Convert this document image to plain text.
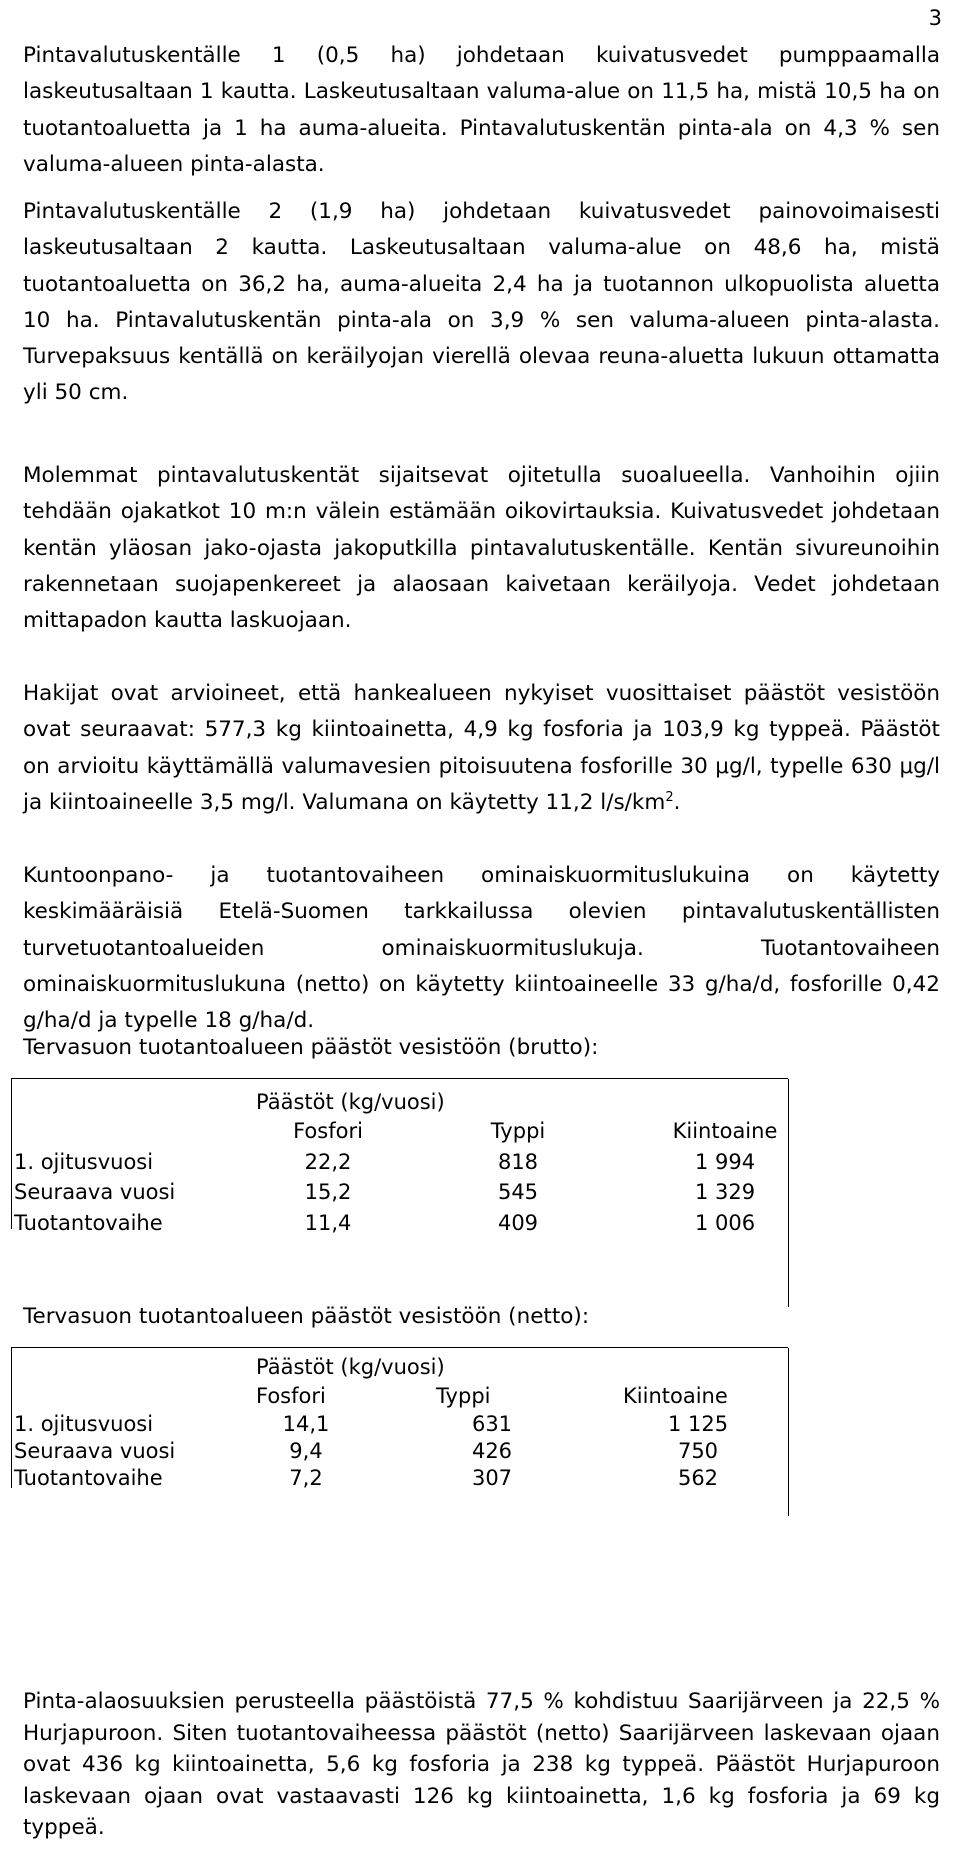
3

Pintavalutuskentälle 1 (0,5 ha) johdetaan kuivatusvedet pumppaamalla laskeutusaltaan 1 kautta. Laskeutusaltaan valuma-alue on 11,5 ha, mistä 10,5 ha on tuotantoaluetta ja 1 ha auma-alueita. Pintavalutuskentän pinta-ala on 4,3 % sen valuma-alueen pinta-alasta.

Pintavalutuskentälle 2 (1,9 ha) johdetaan kuivatusvedet painovoimaisesti laskeutusaltaan 2 kautta. Laskeutusaltaan valuma-alue on 48,6 ha, mistä tuotantoaluetta on 36,2 ha, auma-alueita 2,4 ha ja tuotannon ulkopuolista aluetta 10 ha. Pintavalutuskentän pinta-ala on 3,9 % sen valuma-alueen pinta-alasta. Turvepaksuus kentällä on keräilyojan vierellä olevaa reuna-aluetta lukuun ottamatta yli 50 cm.

Molemmat pintavalutuskentät sijaitsevat ojitetulla suoalueella. Vanhoihin ojiin tehdään ojakatkot 10 m:n välein estämään oikovirtauksia. Kuivatusvedet johdetaan kentän yläosan jako-ojasta jakoputkilla pintavalutuskentälle. Kentän sivureunoihin rakennetaan suojapenkereet ja alaosaan kaivetaan keräilyoja. Vedet johdetaan mittapadon kautta laskuojaan.

Hakijat ovat arvioineet, että hankealueen nykyiset vuosittaiset päästöt vesistöön ovat seuraavat: 577,3 kg kiintoainetta, 4,9 kg fosforia ja 103,9 kg typpeä. Päästöt on arvioitu käyttämällä valumavesien pitoisuutena fosforille 30 μg/l, typelle 630 μg/l ja kiintoaineelle 3,5 mg/l. Valumana on käytetty 11,2 $l/s/km^2$.

Kuntoonpano- ja tuotantovaiheen ominaiskuormituslukuina on käytetty keskimääräisiä Etelä-Suomen tarkkailussa olevien pintavalutuskentällisten turvetuotantoalueiden ominaiskuormituslukuja. Tuotantovaiheen ominaiskuormituslukuna (netto) on käytetty kiintoaineelle 33 g/ha/d, fosforille 0,42 g/ha/d ja typelle 18 g/ha/d.

Tervasuon tuotantoalueen päästöt vesistöön (brutto):

Päästöt (kg/vuosi)
Fosfori	Typpi	Kiintoaine
1. ojitusvuosi	22,2	818	1 994
Seuraava vuosi	15,2	545	1 329
Tuotantovaihe	11,4	409	1 006

Tervasuon tuotantoalueen päästöt vesistöön (netto):

Päästöt (kg/vuosi)
Fosfori	Typpi	Kiintoaine
1. ojitusvuosi	14,1	631	1 125
Seuraava vuosi	9,4	426	750
Tuotantovaihe	7,2	307	562

Pinta-alaosuuksien perusteella päästöistä 77,5 % kohdistuu Saarijärveen ja 22,5 % Hurjapuroon. Siten tuotantovaiheessa päästöt (netto) Saarijärveen laskevaan ojaan ovat 436 kg kiintoainetta, 5,6 kg fosforia ja 238 kg typpeä. Päästöt Hurjapuroon laskevaan ojaan ovat vastaavasti 126 kg kiintoainetta, 1,6 kg fosforia ja 69 kg typpeä.
